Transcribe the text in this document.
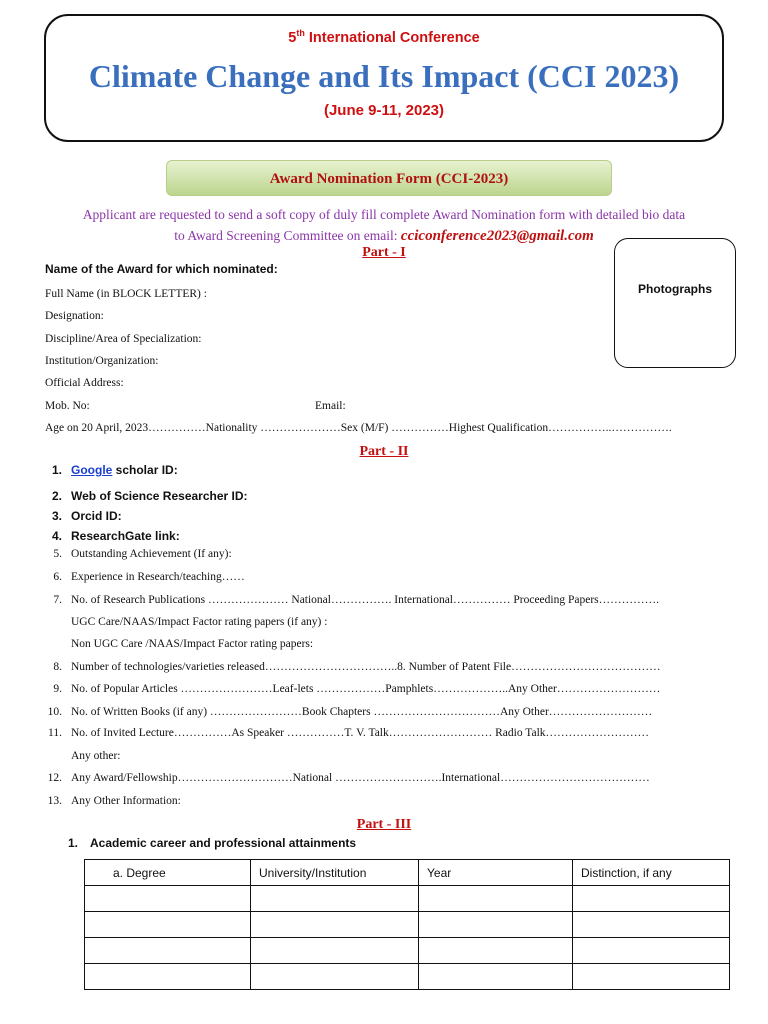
5th International Conference
Climate Change and Its Impact (CCI 2023)
(June 9-11, 2023)
Award Nomination Form (CCI-2023)
Applicant are requested to send a soft copy of duly fill complete Award Nomination form with detailed bio data
to Award Screening Committee on email: cciconference2023@gmail.com
Part - I
Photographs
Name of the Award for which nominated:
Full Name (in BLOCK LETTER) :
Designation:
Discipline/Area of Specialization:
Institution/Organization:
Official Address:
Mob. No:	Email:
Age on 20 April, 2023……………Nationality …………………Sex (M/F) ……………Highest Qualification……………..…………….
Part - II
1. Google scholar ID:
2. Web of Science Researcher ID:
3. Orcid ID:
4. ResearchGate link:
5. Outstanding Achievement (If any):
6. Experience in Research/teaching……
7. No. of Research Publications ………………… National……………. International…………… Proceeding Papers…………….
UGC Care/NAAS/Impact Factor rating papers (if any) :
Non UGC Care /NAAS/Impact Factor rating papers:
8. Number of technologies/varieties released……………………………..8. Number of Patent File…………………………………
9. No. of Popular Articles ……………………Leaf-lets ………………Pamphlets………………..Any Other………………………
10. No. of Written Books (if any) ……………………Book Chapters ……………………………Any Other………………………
11. No. of Invited Lecture……………As Speaker ……………T. V. Talk……………………… Radio Talk………………………
Any other:
12. Any Award/Fellowship…………………………National ……………………….International…………………………………
13. Any Other Information:
Part - III
1. Academic career and professional attainments
a. Degree	University/Institution	Year	Distinction, if any
